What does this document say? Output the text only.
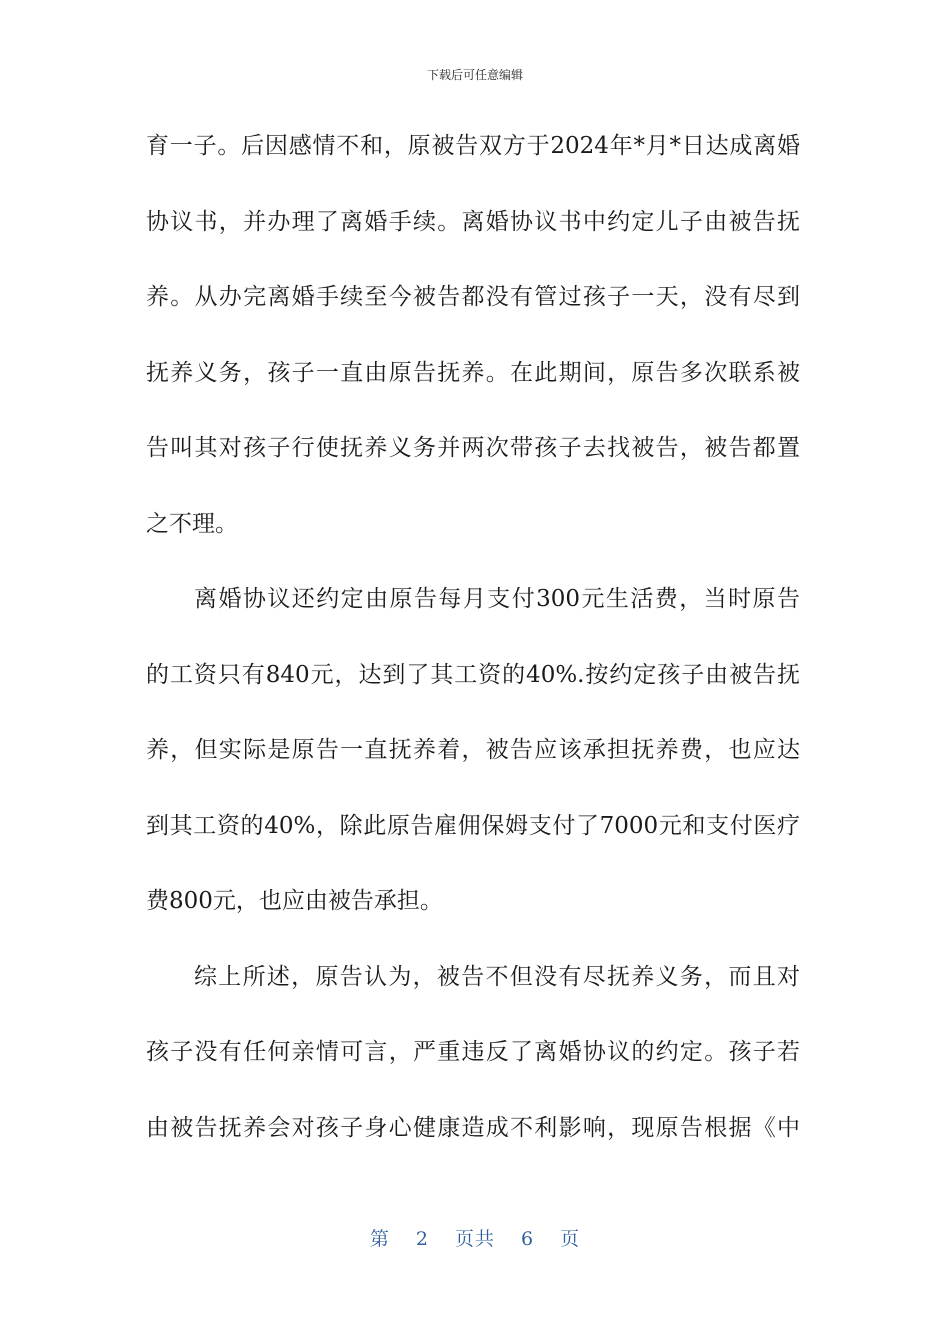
下载后可任意编辑
育一子。后因感情不和，原被告双方于2024年*月*日达成离婚
协议书，并办理了离婚手续。离婚协议书中约定儿子由被告抚
养。从办完离婚手续至今被告都没有管过孩子一天，没有尽到
抚养义务，孩子一直由原告抚养。在此期间，原告多次联系被
告叫其对孩子行使抚养义务并两次带孩子去找被告，被告都置
之不理。
离婚协议还约定由原告每月支付300元生活费，当时原告
的工资只有840元，达到了其工资的40%.按约定孩子由被告抚
养，但实际是原告一直抚养着，被告应该承担抚养费，也应达
到其工资的40%，除此原告雇佣保姆支付了7000元和支付医疗
费800元，也应由被告承担。
综上所述，原告认为，被告不但没有尽抚养义务，而且对
孩子没有任何亲情可言，严重违反了离婚协议的约定。孩子若
由被告抚养会对孩子身心健康造成不利影响，现原告根据《中
第 2 页共 6 页
